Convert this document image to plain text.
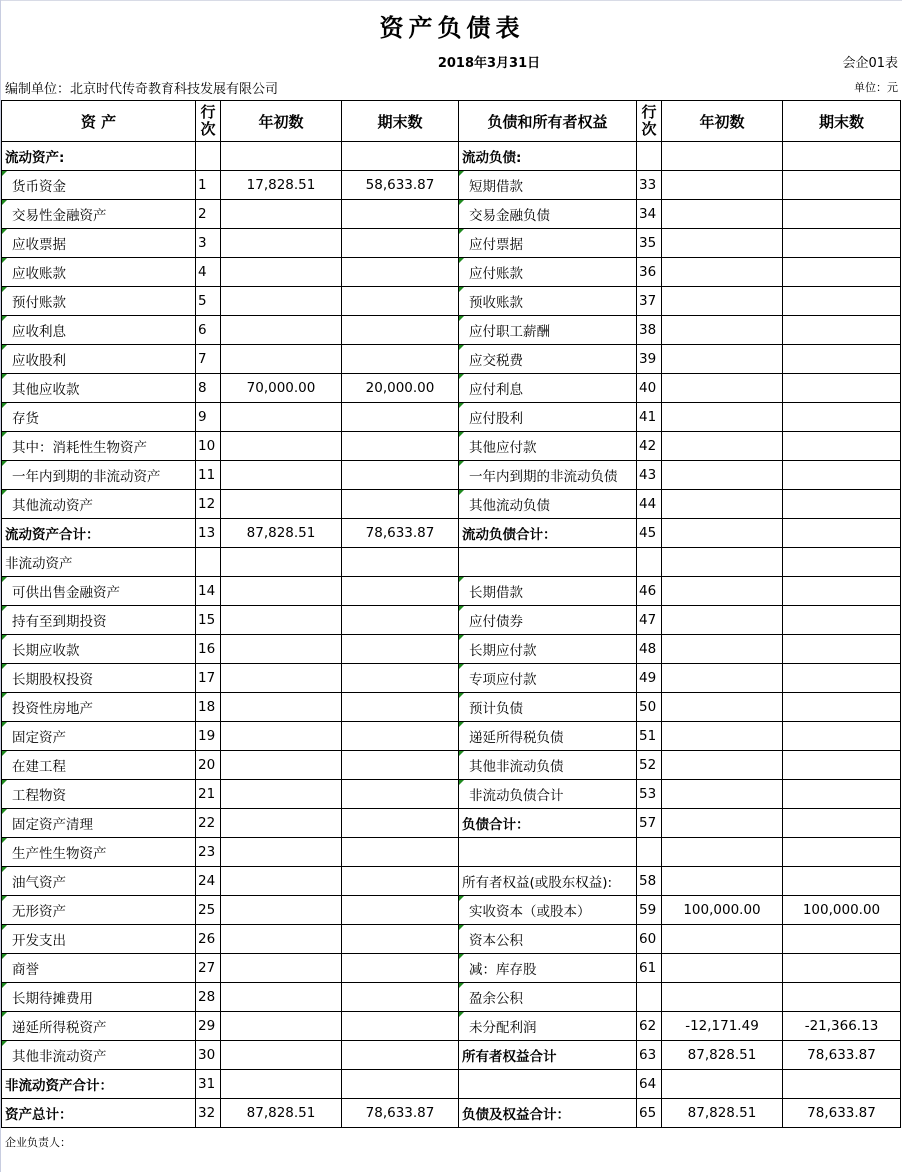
资产负债表
2018年3月31日	会企01表
编制单位：北京时代传奇教育科技发展有限公司	单位：元
资 产	行次	年初数	期末数	负债和所有者权益	行次	年初数	期末数
流动资产:				流动负债:			
货币资金	1	17,828.51	58,633.87	短期借款	33		
交易性金融资产	2			交易金融负债	34		
应收票据	3			应付票据	35		
应收账款	4			应付账款	36		
预付账款	5			预收账款	37		
应收利息	6			应付职工薪酬	38		
应收股利	7			应交税费	39		
其他应收款	8	70,000.00	20,000.00	应付利息	40		
存货	9			应付股利	41		
其中：消耗性生物资产	10			其他应付款	42		
一年内到期的非流动资产	11			一年内到期的非流动负债	43		
其他流动资产	12			其他流动负债	44		
流动资产合计：	13	87,828.51	78,633.87	流动负债合计：	45		
非流动资产							
可供出售金融资产	14			长期借款	46		
持有至到期投资	15			应付债券	47		
长期应收款	16			长期应付款	48		
长期股权投资	17			专项应付款	49		
投资性房地产	18			预计负债	50		
固定资产	19			递延所得税负债	51		
在建工程	20			其他非流动负债	52		
工程物资	21			非流动负债合计	53		
固定资产清理	22			负债合计：	57		
生产性生物资产	23						
油气资产	24			所有者权益(或股东权益):	58		
无形资产	25			实收资本（或股本）	59	100,000.00	100,000.00
开发支出	26			资本公积	60		
商誉	27			减：库存股	61		
长期待摊费用	28			盈余公积			
递延所得税资产	29			未分配利润	62	-12,171.49	-21,366.13
其他非流动资产	30			所有者权益合计	63	87,828.51	78,633.87
非流动资产合计：	31				64		
资产总计：	32	87,828.51	78,633.87	负债及权益合计：	65	87,828.51	78,633.87
企业负责人：
